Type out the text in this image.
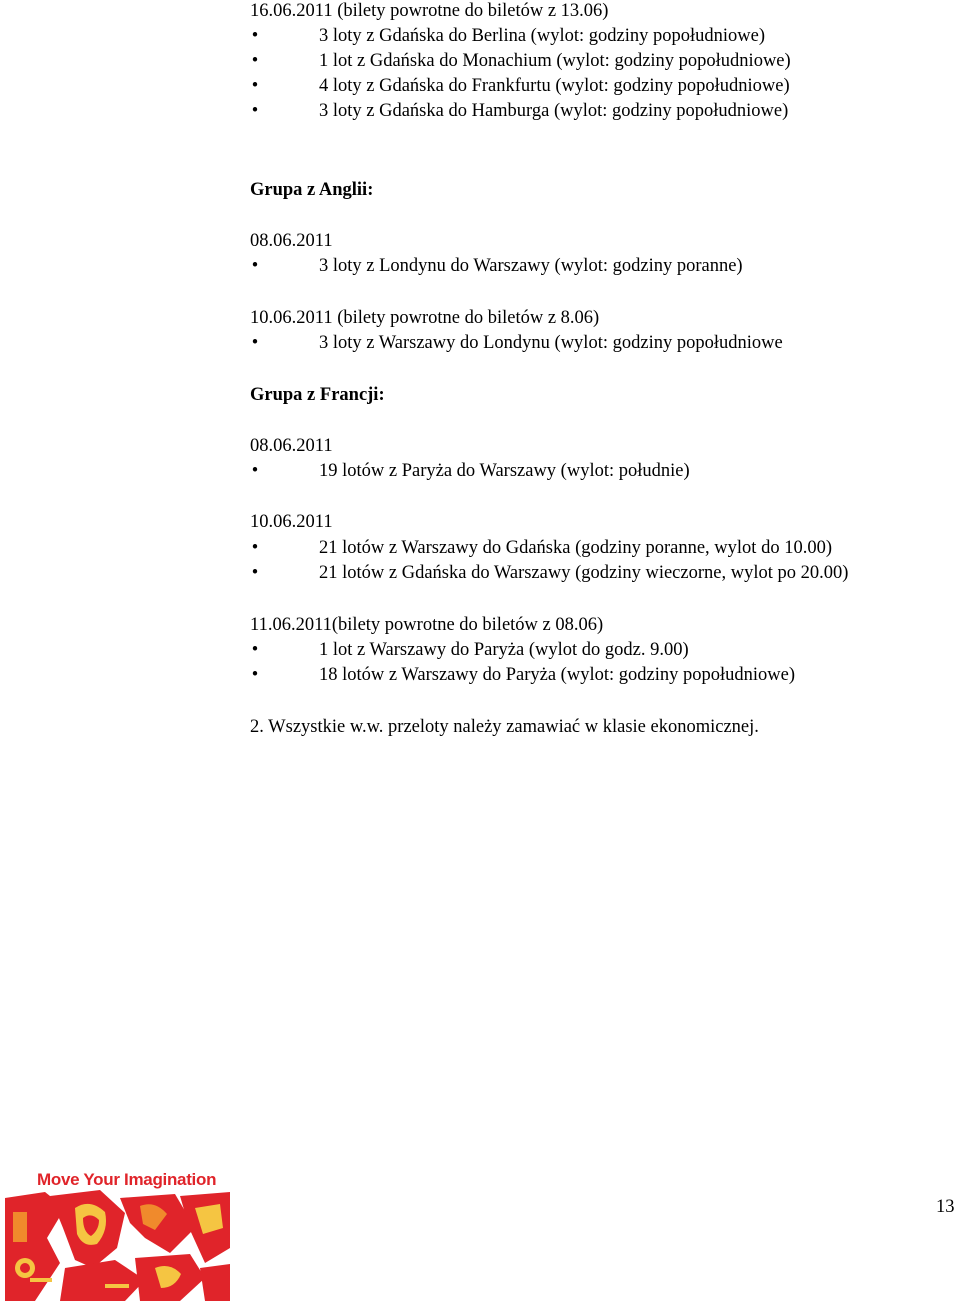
16.06.2011 (bilety powrotne do biletów z 13.06)
•	3 loty z Gdańska do Berlina (wylot: godziny popołudniowe)
•	1 lot z Gdańska do Monachium (wylot: godziny popołudniowe)
•	4 loty z Gdańska do Frankfurtu (wylot: godziny popołudniowe)
•	3 loty z Gdańska do Hamburga (wylot: godziny popołudniowe)
Grupa z Anglii:
08.06.2011
•	3 loty z Londynu do Warszawy (wylot: godziny poranne)
10.06.2011 (bilety powrotne do biletów z 8.06)
•	3 loty z Warszawy do Londynu (wylot: godziny popołudniowe
Grupa z Francji:
08.06.2011
•	19 lotów z Paryża do Warszawy (wylot: południe)
10.06.2011
•	21 lotów z Warszawy do Gdańska (godziny poranne, wylot do 10.00)
•	21 lotów z Gdańska do Warszawy (godziny wieczorne, wylot po 20.00)
11.06.2011(bilety powrotne do biletów z 08.06)
•	1 lot z Warszawy do Paryża (wylot do godz. 9.00)
•	18 lotów z Warszawy do Paryża (wylot: godziny popołudniowe)
2. Wszystkie w.w. przeloty należy zamawiać w klasie ekonomicznej.
Move Your Imagination
13
